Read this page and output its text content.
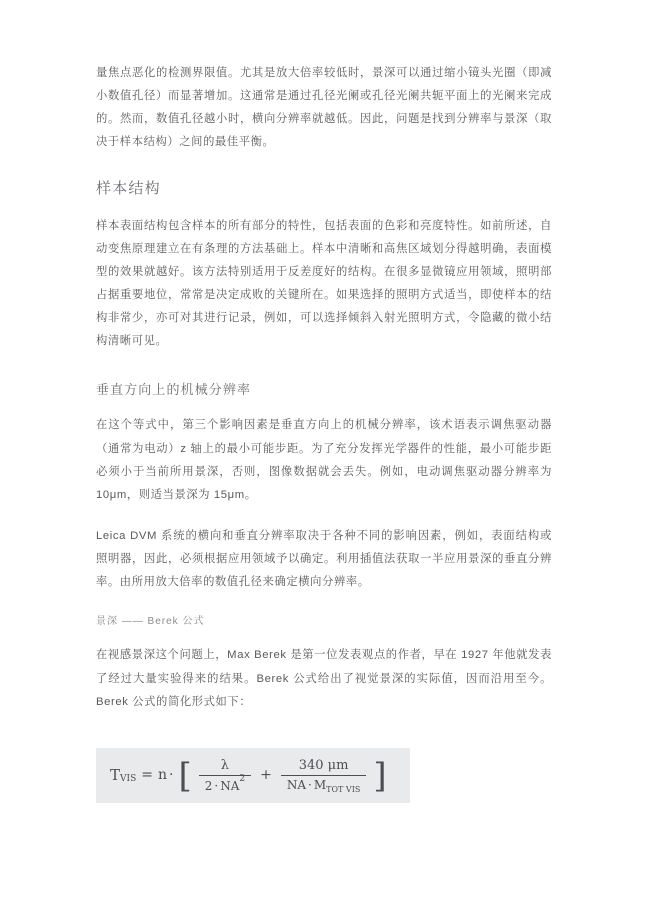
量焦点恶化的检测界限值。尤其是放大倍率较低时，景深可以通过缩小镜头光圈（即减小数值孔径）而显著增加。这通常是通过孔径光阑或孔径光阑共轭平面上的光阑来完成的。然而，数值孔径越小时，横向分辨率就越低。因此，问题是找到分辨率与景深（取决于样本结构）之间的最佳平衡。

样本结构

样本表面结构包含样本的所有部分的特性，包括表面的色彩和亮度特性。如前所述，自动变焦原理建立在有条理的方法基础上。样本中清晰和高焦区域划分得越明确，表面模型的效果就越好。该方法特别适用于反差度好的结构。在很多显微镜应用领域，照明部占据重要地位，常常是决定成败的关键所在。如果选择的照明方式适当，即使样本的结构非常少，亦可对其进行记录，例如，可以选择倾斜入射光照明方式，令隐藏的微小结构清晰可见。

垂直方向上的机械分辨率

在这个等式中，第三个影响因素是垂直方向上的机械分辨率，该术语表示调焦驱动器（通常为电动）z 轴上的最小可能步距。为了充分发挥光学器件的性能，最小可能步距必须小于当前所用景深，否则，图像数据就会丢失。例如，电动调焦驱动器分辨率为 10μm，则适当景深为 15μm。

Leica DVM 系统的横向和垂直分辨率取决于各种不同的影响因素，例如，表面结构或照明器，因此，必须根据应用领域予以确定。利用插值法获取一半应用景深的垂直分辨率。由所用放大倍率的数值孔径来确定横向分辨率。

景深 —— Berek 公式

在视感景深这个问题上，Max Berek 是第一位发表观点的作者，早在 1927 年他就发表了经过大量实验得来的结果。Berek 公式给出了视觉景深的实际值，因而沿用至今。Berek 公式的简化形式如下：

T VIS = n · [ $\frac{\lambda}{2 \cdot NA^2} + \frac{340 \mu m}{NA \cdot M_{TOT VIS}}$ ]
